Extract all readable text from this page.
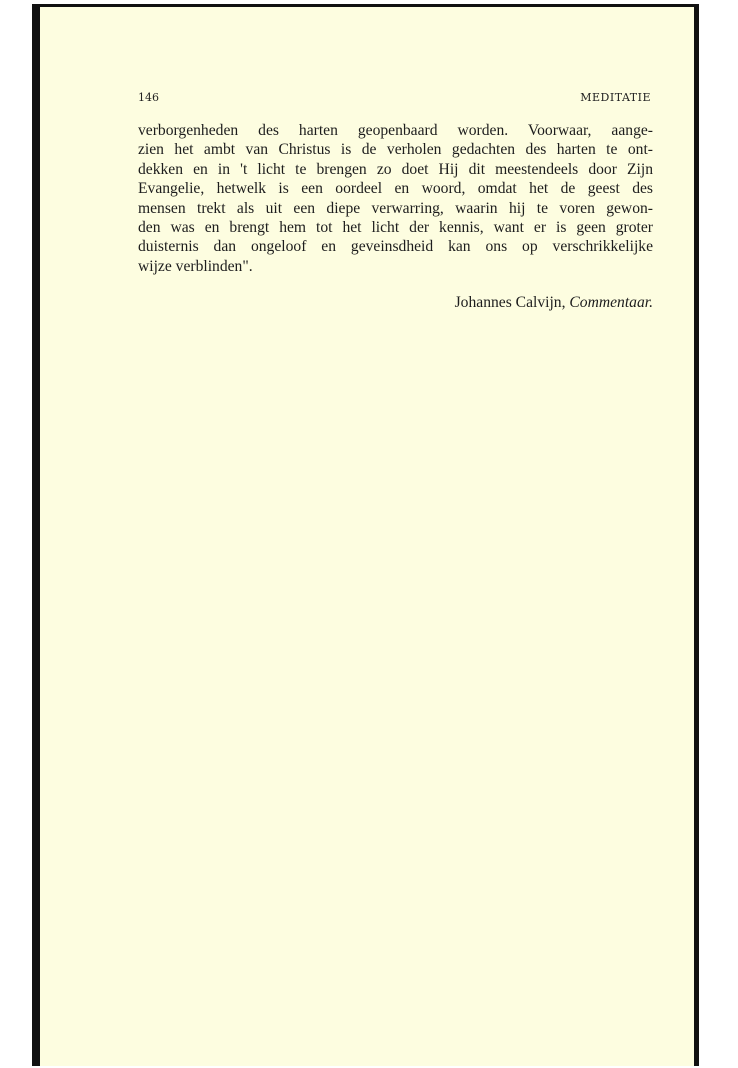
146	MEDITATIE
verborgenheden des harten geopenbaard worden. Voorwaar, aange-
zien het ambt van Christus is de verholen gedachten des harten te ont-
dekken en in 't licht te brengen zo doet Hij dit meestendeels door Zijn
Evangelie, hetwelk is een oordeel en woord, omdat het de geest des
mensen trekt als uit een diepe verwarring, waarin hij te voren gewon-
den was en brengt hem tot het licht der kennis, want er is geen groter
duisternis dan ongeloof en geveinsdheid kan ons op verschrikkelijke
wijze verblinden".
Johannes Calvijn, Commentaar.
